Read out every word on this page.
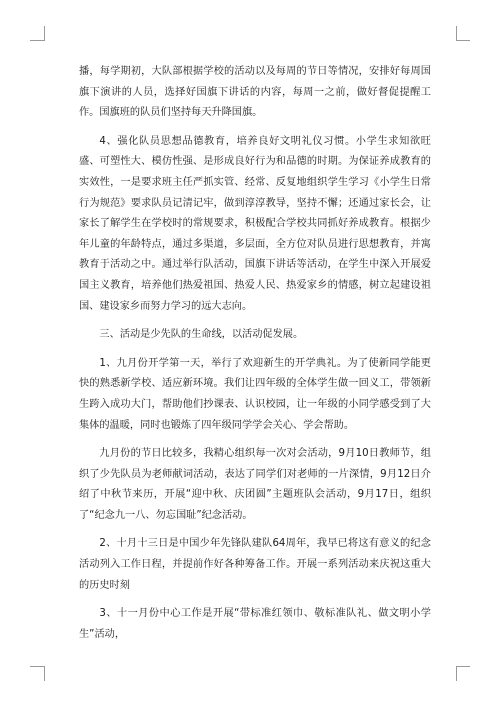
播，每学期初，大队部根据学校的活动以及每周的节日等情况，安排好每周国旗下演讲的人员，选择好国旗下讲话的内容，每周一之前，做好督促提醒工作。国旗班的队员们坚持每天升降国旗。

4、强化队员思想品德教育，培养良好文明礼仪习惯。小学生求知欲旺盛、可塑性大、模仿性强、是形成良好行为和品德的时期。为保证养成教育的实效性，一是要求班主任严抓实管、经常、反复地组织学生学习《小学生日常行为规范》要求队员记清记牢，做到淳淳教导，坚持不懈；还通过家长会，让家长了解学生在学校时的常规要求，积极配合学校共同抓好养成教育。根据少年儿童的年龄特点，通过多渠道，多层面，全方位对队员进行思想教育，并寓教育于活动之中。通过举行队活动，国旗下讲话等活动，在学生中深入开展爱国主义教育，培养他们热爱祖国、热爱人民、热爱家乡的情感，树立起建设祖国、建设家乡而努力学习的远大志向。

三、活动是少先队的生命线，以活动促发展。

1、九月份开学第一天，举行了欢迎新生的开学典礼。为了使新同学能更快的熟悉新学校、适应新环境。我们让四年级的全体学生做一回义工，带领新生跨入成功大门，帮助他们抄课表、认识校园，让一年级的小同学感受到了大集体的温暖，同时也锻炼了四年级同学学会关心、学会帮助。

九月份的节日比较多，我精心组织每一次对会活动，9月10日教师节，组织了少先队员为老师献词活动，表达了同学们对老师的一片深情，9月12日介绍了中秋节来历，开展“迎中秋、庆团圆”主题班队会活动，9月17日，组织了“纪念九一八、勿忘国耻”纪念活动。

2、十月十三日是中国少年先锋队建队64周年，我早已将这有意义的纪念活动列入工作日程，并提前作好各种筹备工作。开展一系列活动来庆祝这重大的历史时刻

3、十一月份中心工作是开展“带标准红领巾、敬标准队礼、做文明小学生”活动，
